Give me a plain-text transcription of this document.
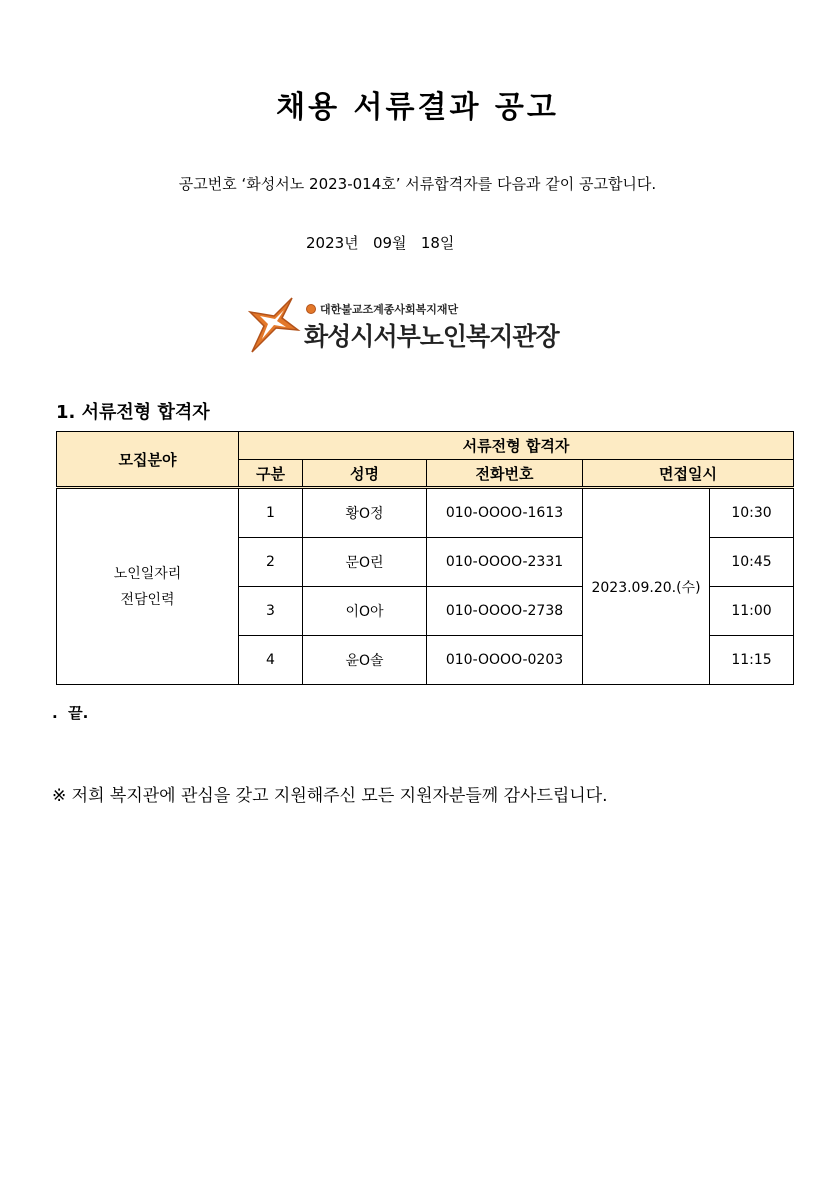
채용 서류결과 공고
공고번호 ‘화성서노 2023-014호’ 서류합격자를 다음과 같이 공고합니다.
2023년   09월   18일
대한불교조계종사회복지재단
화성시서부노인복지관장
1. 서류전형 합격자
모집분야	서류전형 합격자				
	구분	성명	전화번호	면접일시	

노인일자리
전담인력	1	황O정	010-OOOO-1613	2023.09.20.(수)	10:30
	2	문O린	010-OOOO-2331		10:45
	3	이O아	010-OOOO-2738		11:00
	4	윤O솔	010-OOOO-0203		11:15
.  끝.
※ 저희 복지관에 관심을 갖고 지원해주신 모든 지원자분들께 감사드립니다.
